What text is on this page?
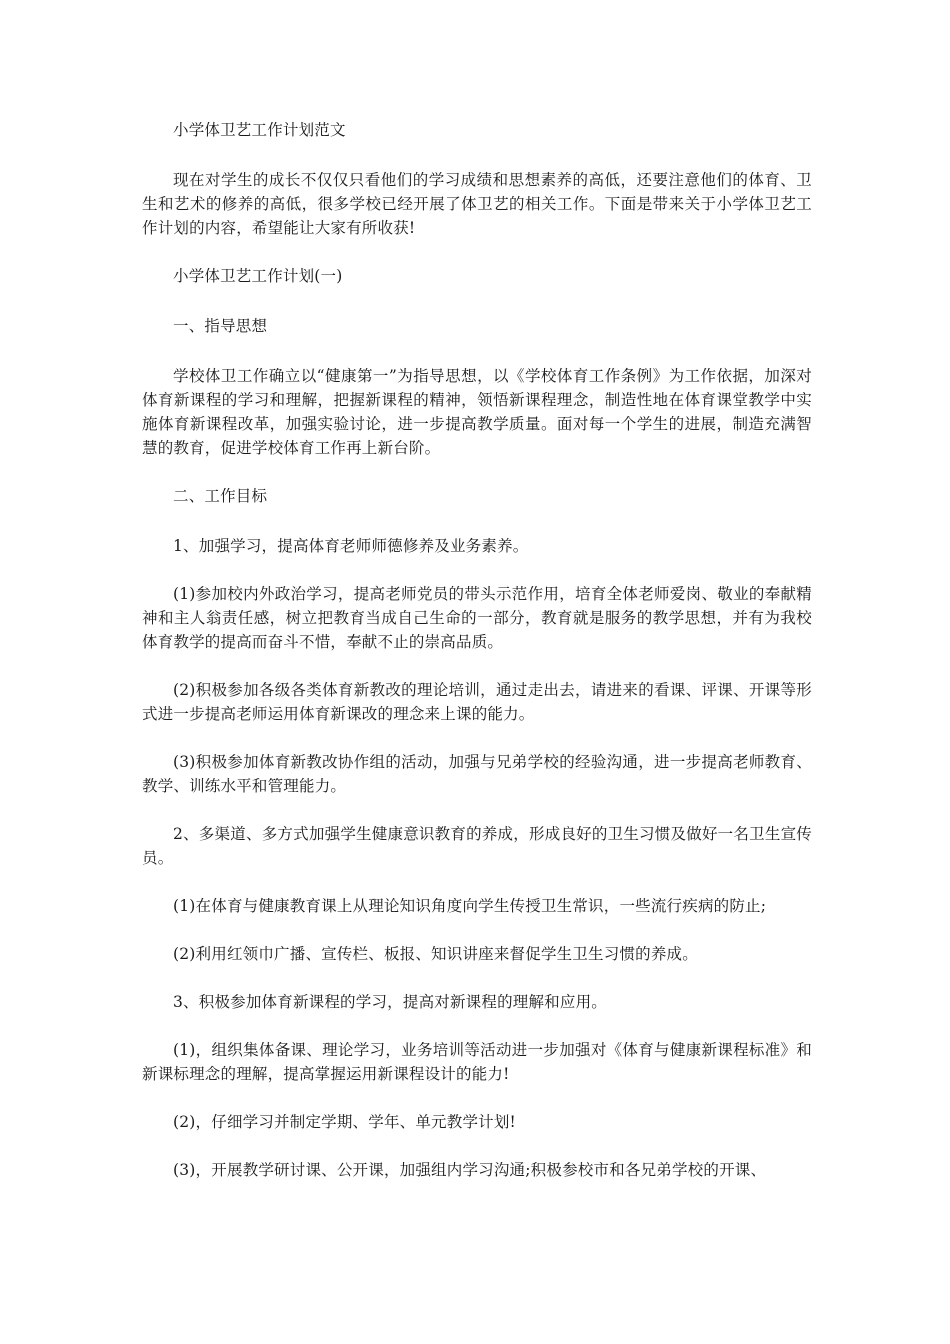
小学体卫艺工作计划范文

现在对学生的成长不仅仅只看他们的学习成绩和思想素养的高低，还要注意他们的体育、卫生和艺术的修养的高低，很多学校已经开展了体卫艺的相关工作。下面是带来关于小学体卫艺工作计划的内容，希望能让大家有所收获!

小学体卫艺工作计划(一)

一、指导思想

学校体卫工作确立以“健康第一”为指导思想，以《学校体育工作条例》为工作依据，加深对体育新课程的学习和理解，把握新课程的精神，领悟新课程理念，制造性地在体育课堂教学中实施体育新课程改革，加强实验讨论，进一步提高教学质量。面对每一个学生的进展，制造充满智慧的教育，促进学校体育工作再上新台阶。

二、工作目标

1、加强学习，提高体育老师师德修养及业务素养。

(1)参加校内外政治学习，提高老师党员的带头示范作用，培育全体老师爱岗、敬业的奉献精神和主人翁责任感，树立把教育当成自己生命的一部分，教育就是服务的教学思想，并有为我校体育教学的提高而奋斗不惜，奉献不止的崇高品质。

(2)积极参加各级各类体育新教改的理论培训，通过走出去，请进来的看课、评课、开课等形式进一步提高老师运用体育新课改的理念来上课的能力。

(3)积极参加体育新教改协作组的活动，加强与兄弟学校的经验沟通，进一步提高老师教育、教学、训练水平和管理能力。

2、多渠道、多方式加强学生健康意识教育的养成，形成良好的卫生习惯及做好一名卫生宣传员。

(1)在体育与健康教育课上从理论知识角度向学生传授卫生常识，一些流行疾病的防止;

(2)利用红领巾广播、宣传栏、板报、知识讲座来督促学生卫生习惯的养成。

3、积极参加体育新课程的学习，提高对新课程的理解和应用。

(1)，组织集体备课、理论学习，业务培训等活动进一步加强对《体育与健康新课程标准》和新课标理念的理解，提高掌握运用新课程设计的能力!

(2)，仔细学习并制定学期、学年、单元教学计划!

(3)，开展教学研讨课、公开课，加强组内学习沟通;积极参校市和各兄弟学校的开课、
